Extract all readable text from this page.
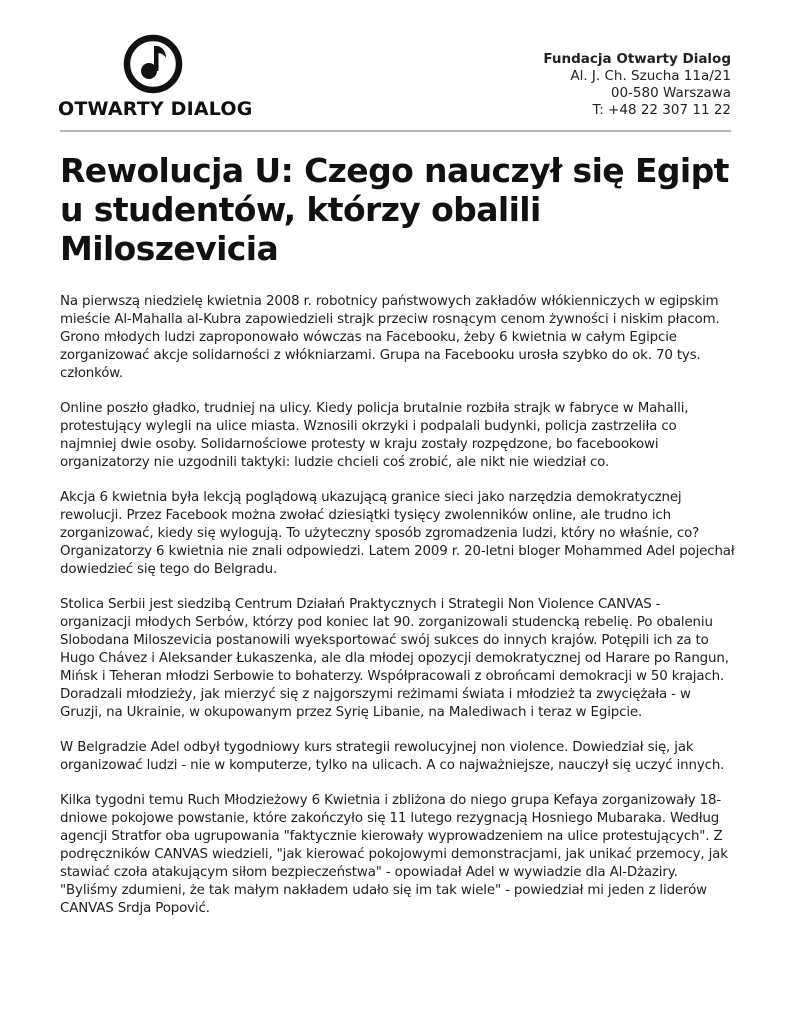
OTWARTY DIALOG
Fundacja Otwarty Dialog
Al. J. Ch. Szucha 11a/21
00-580 Warszawa
T: +48 22 307 11 22
Rewolucja U: Czego nauczył się Egipt u studentów, którzy obalili Miloszevicia

Na pierwszą niedzielę kwietnia 2008 r. robotnicy państwowych zakładów włókienniczych w egipskim mieście Al-Mahalla al-Kubra zapowiedzieli strajk przeciw rosnącym cenom żywności i niskim płacom. Grono młodych ludzi zaproponowało wówczas na Facebooku, żeby 6 kwietnia w całym Egipcie zorganizować akcje solidarności z włókniarzami. Grupa na Facebooku urosła szybko do ok. 70 tys. członków.

Online poszło gładko, trudniej na ulicy. Kiedy policja brutalnie rozbiła strajk w fabryce w Mahalli, protestujący wylegli na ulice miasta. Wznosili okrzyki i podpalali budynki, policja zastrzeliła co najmniej dwie osoby. Solidarnościowe protesty w kraju zostały rozpędzone, bo facebookowi organizatorzy nie uzgodnili taktyki: ludzie chcieli coś zrobić, ale nikt nie wiedział co.

Akcja 6 kwietnia była lekcją poglądową ukazującą granice sieci jako narzędzia demokratycznej rewolucji. Przez Facebook można zwołać dziesiątki tysięcy zwolenników online, ale trudno ich zorganizować, kiedy się wylogują. To użyteczny sposób zgromadzenia ludzi, który no właśnie, co? Organizatorzy 6 kwietnia nie znali odpowiedzi. Latem 2009 r. 20-letni bloger Mohammed Adel pojechał dowiedzieć się tego do Belgradu.

Stolica Serbii jest siedzibą Centrum Działań Praktycznych i Strategii Non Violence CANVAS - organizacji młodych Serbów, którzy pod koniec lat 90. zorganizowali studencką rebelię. Po obaleniu Slobodana Miloszevicia postanowili wyeksportować swój sukces do innych krajów. Potępili ich za to Hugo Chávez i Aleksander Łukaszenka, ale dla młodej opozycji demokratycznej od Harare po Rangun, Mińsk i Teheran młodzi Serbowie to bohaterzy. Współpracowali z obrońcami demokracji w 50 krajach. Doradzali młodzieży, jak mierzyć się z najgorszymi reżimami świata i młodzież ta zwyciężała - w Gruzji, na Ukrainie, w okupowanym przez Syrię Libanie, na Malediwach i teraz w Egipcie.

W Belgradzie Adel odbył tygodniowy kurs strategii rewolucyjnej non violence. Dowiedział się, jak organizować ludzi - nie w komputerze, tylko na ulicach. A co najważniejsze, nauczył się uczyć innych.

Kilka tygodni temu Ruch Młodzieżowy 6 Kwietnia i zbliżona do niego grupa Kefaya zorganizowały 18-dniowe pokojowe powstanie, które zakończyło się 11 lutego rezygnacją Hosniego Mubaraka. Według agencji Stratfor oba ugrupowania "faktycznie kierowały wyprowadzeniem na ulice protestujących". Z podręczników CANVAS wiedzieli, "jak kierować pokojowymi demonstracjami, jak unikać przemocy, jak stawiać czoła atakującym siłom bezpieczeństwa" - opowiadał Adel w wywiadzie dla Al-Dżaziry. "Byliśmy zdumieni, że tak małym nakładem udało się im tak wiele" - powiedział mi jeden z liderów CANVAS Srdja Popović.
